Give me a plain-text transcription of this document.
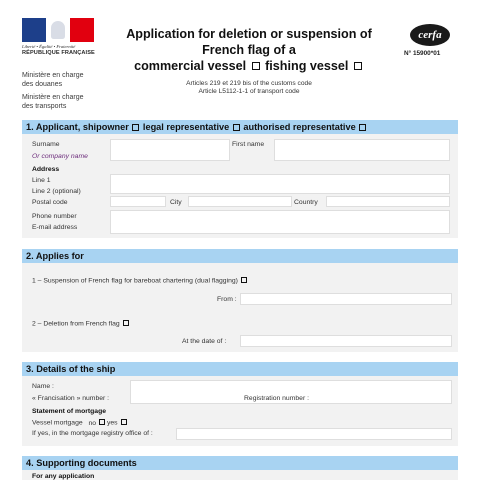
Liberté • Égalité • Fraternité
RÉPUBLIQUE FRANÇAISE
Ministère en charge
des douanes
Ministère en charge
des transports
Application for deletion or suspension of
French flag of a
commercial vessel fishing vessel
Articles 219 et 219 bis of the customs code
Article L5112-1-1 of transport code
cerfa
N° 15900*01
1. Applicant, shipowner legal representative authorised representative
Surname	First name
Or company name
Address
Line 1
Line 2 (optional)
Postal code	City	Country
Phone number
E-mail address
2. Applies for
1 – Suspension of French flag for bareboat chartering (dual flagging)
From :
2 – Deletion from French flag
At the date of :
3. Details of the ship
Name :
« Francisation » number :	Registration number :
Statement of mortgage
Vessel mortgage no yes
If yes, in the mortgage registry office of :
4. Supporting documents
For any application
